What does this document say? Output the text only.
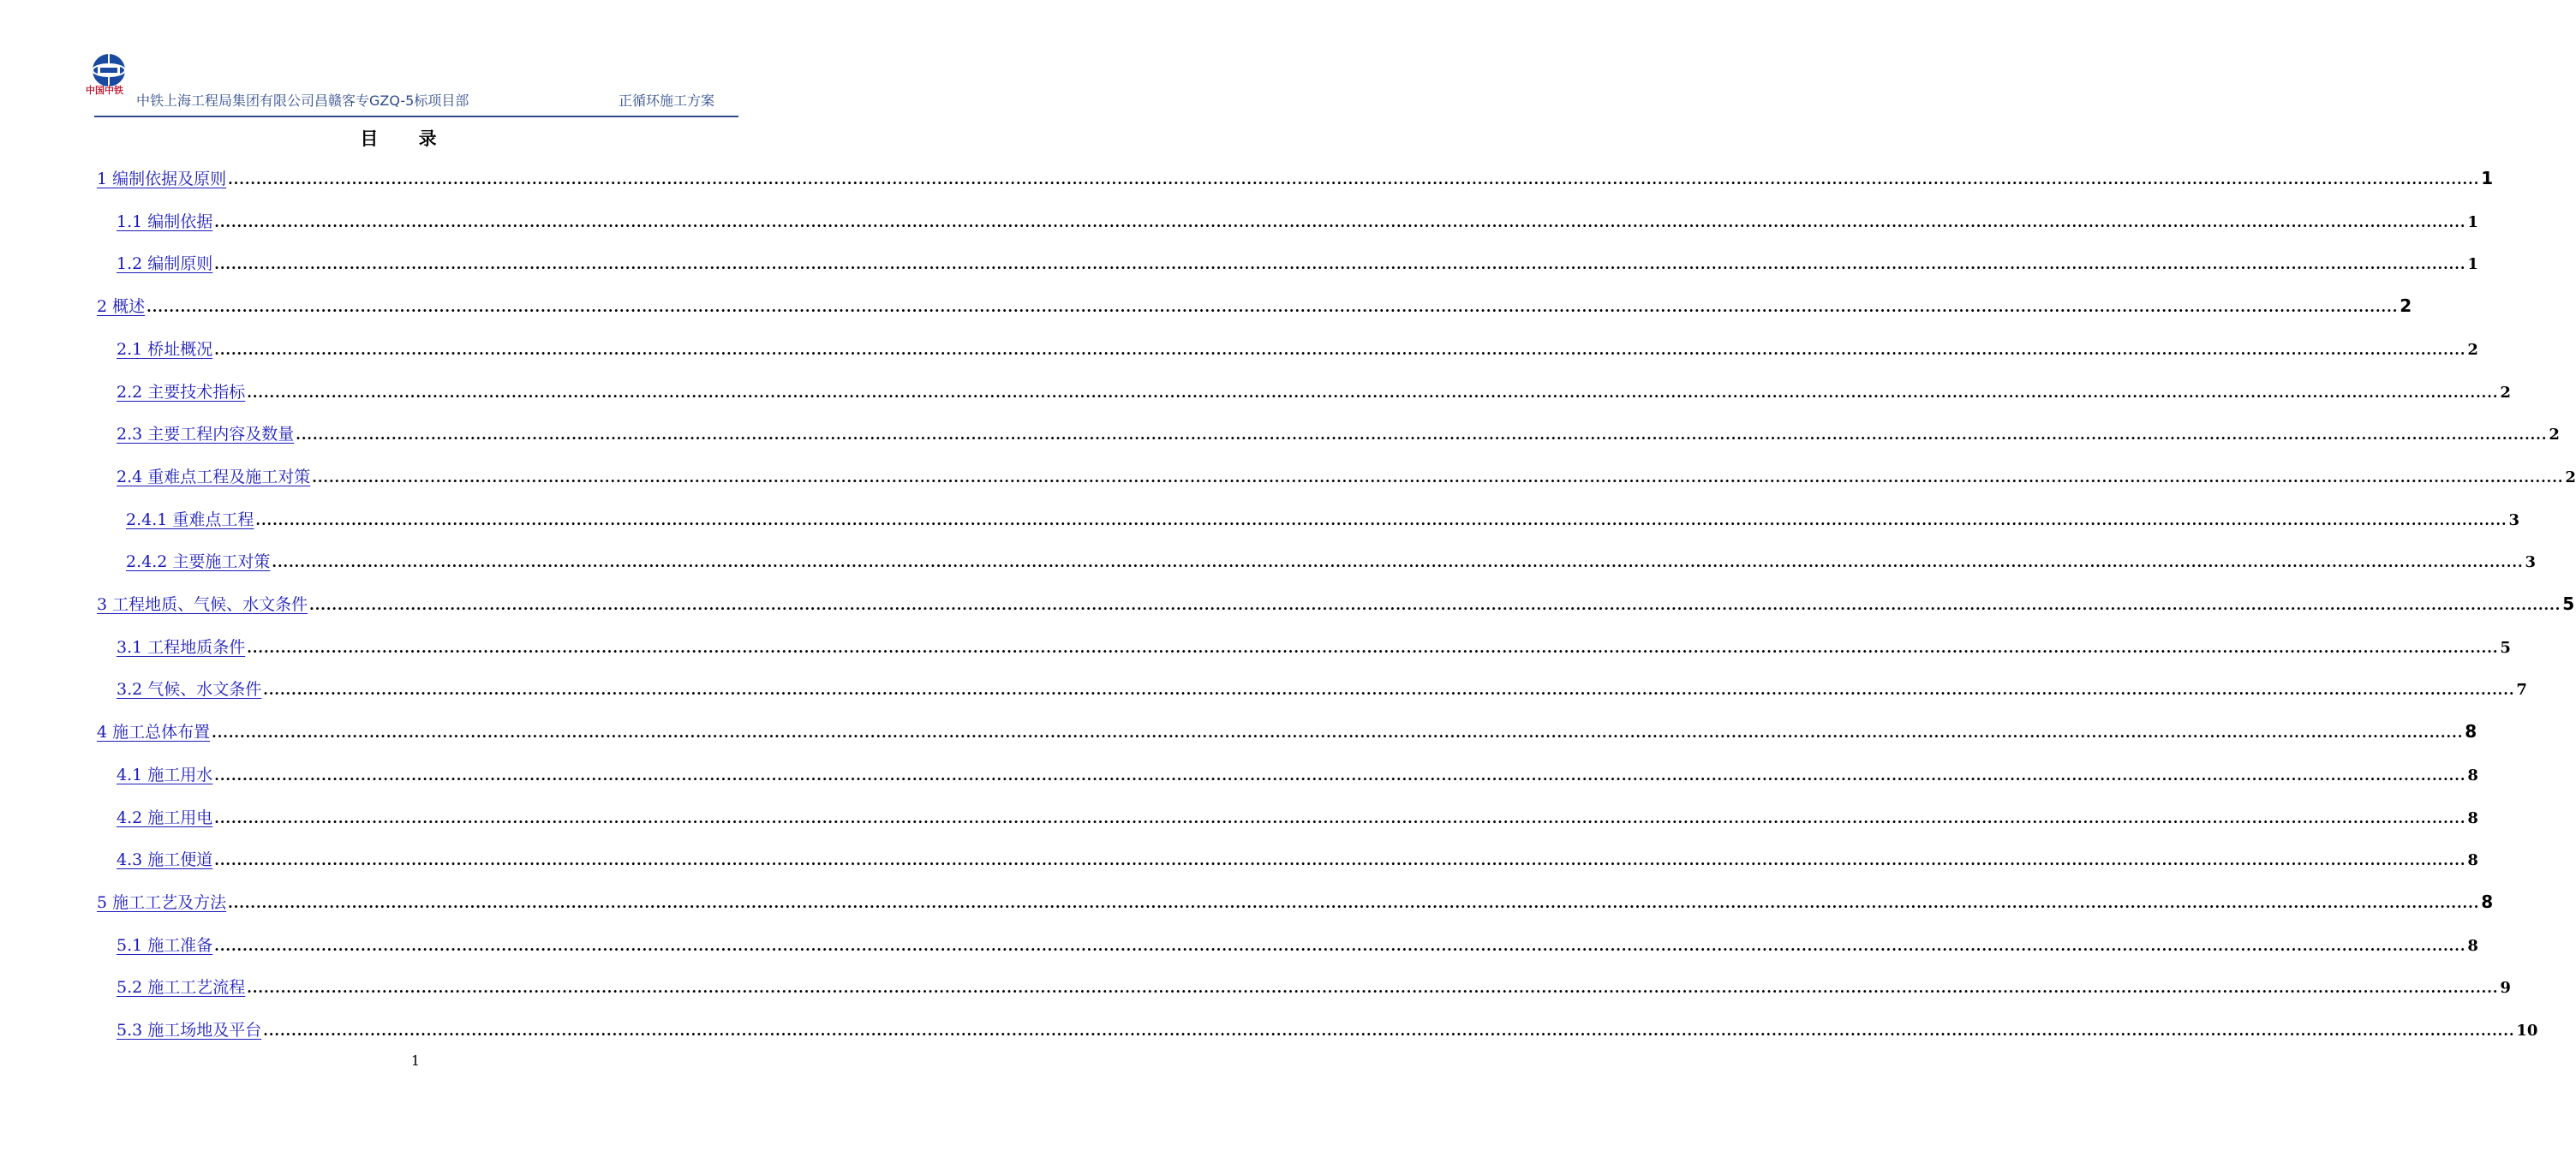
中国中铁
中铁上海工程局集团有限公司昌赣客专GZQ-5标项目部	正循环施工方案
目 录
1 编制依据及原则 ................................................................................................................................................................................................................................................................................................................................................................................................................ 1
1.1 编制依据 ................................................................................................................................................................................................................................................................................................................................................................................................................ 1
1.2 编制原则 ................................................................................................................................................................................................................................................................................................................................................................................................................ 1
2 概述 ................................................................................................................................................................................................................................................................................................................................................................................................................ 2
2.1 桥址概况 ................................................................................................................................................................................................................................................................................................................................................................................................................ 2
2.2 主要技术指标 ................................................................................................................................................................................................................................................................................................................................................................................................................ 2
2.3 主要工程内容及数量 ................................................................................................................................................................................................................................................................................................................................................................................................................ 2
2.4 重难点工程及施工对策 ................................................................................................................................................................................................................................................................................................................................................................................................................ 2
2.4.1 重难点工程 ................................................................................................................................................................................................................................................................................................................................................................................................................ 3
2.4.2 主要施工对策 ................................................................................................................................................................................................................................................................................................................................................................................................................ 3
3 工程地质、气候、水文条件 ................................................................................................................................................................................................................................................................................................................................................................................................................ 5
3.1 工程地质条件 ................................................................................................................................................................................................................................................................................................................................................................................................................ 5
3.2 气候、水文条件 ................................................................................................................................................................................................................................................................................................................................................................................................................ 7
4 施工总体布置 ................................................................................................................................................................................................................................................................................................................................................................................................................ 8
4.1 施工用水 ................................................................................................................................................................................................................................................................................................................................................................................................................ 8
4.2 施工用电 ................................................................................................................................................................................................................................................................................................................................................................................................................ 8
4.3 施工便道 ................................................................................................................................................................................................................................................................................................................................................................................................................ 8
5 施工工艺及方法 ................................................................................................................................................................................................................................................................................................................................................................................................................ 8
5.1 施工准备 ................................................................................................................................................................................................................................................................................................................................................................................................................ 8
5.2 施工工艺流程 ................................................................................................................................................................................................................................................................................................................................................................................................................ 9
5.3 施工场地及平台 ................................................................................................................................................................................................................................................................................................................................................................................................................ 10
1
